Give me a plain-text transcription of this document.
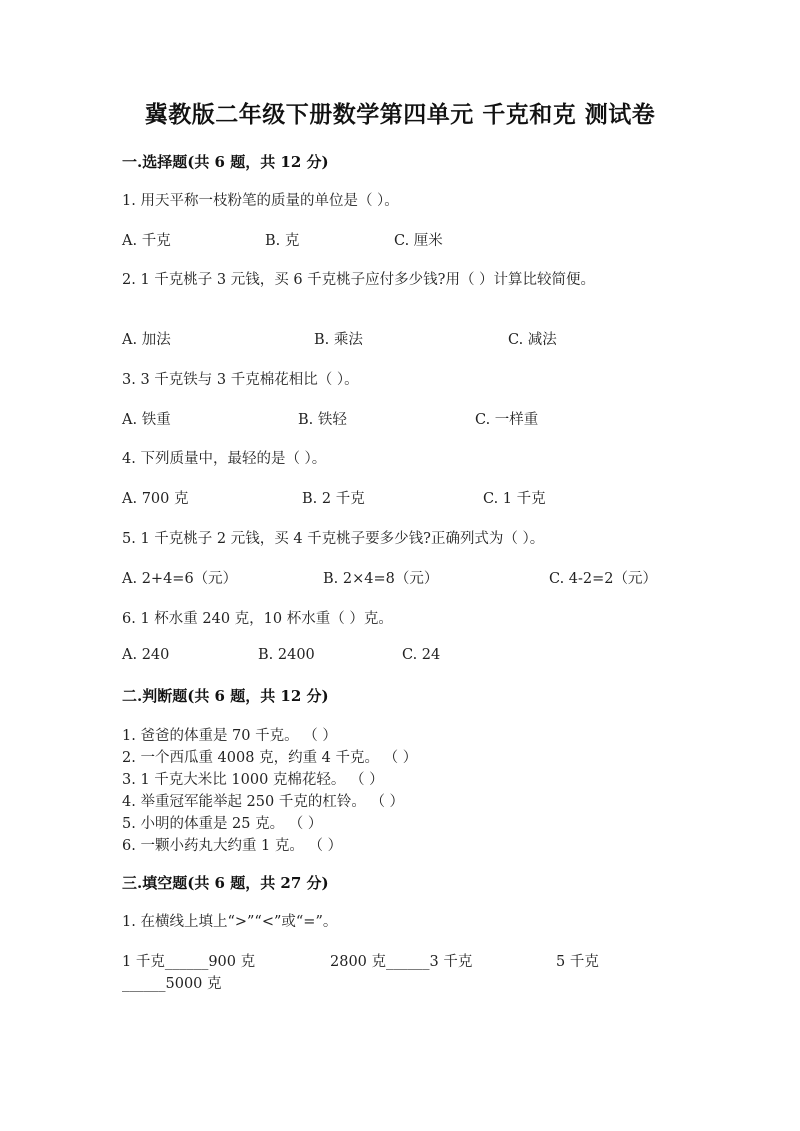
冀教版二年级下册数学第四单元 千克和克 测试卷
一.选择题(共 6 题，共 12 分)
1. 用天平称一枝粉笔的质量的单位是（ ）。
A. 千克	B. 克	C. 厘米
2. 1 千克桃子 3 元钱，买 6 千克桃子应付多少钱?用（ ）计算比较简便。
A. 加法	B. 乘法	C. 减法
3. 3 千克铁与 3 千克棉花相比（ ）。
A. 铁重	B. 铁轻	C. 一样重
4. 下列质量中，最轻的是（ ）。
A. 700 克	B. 2 千克	C. 1 千克
5. 1 千克桃子 2 元钱，买 4 千克桃子要多少钱?正确列式为（ ）。
A. 2+4=6（元）	B. 2×4=8（元）	C. 4-2=2（元）
6. 1 杯水重 240 克，10 杯水重（ ）克。
A. 240	B. 2400	C. 24
二.判断题(共 6 题，共 12 分)
1. 爸爸的体重是 70 千克。 （ ）
2. 一个西瓜重 4008 克，约重 4 千克。 （ ）
3. 1 千克大米比 1000 克棉花轻。 （ ）
4. 举重冠军能举起 250 千克的杠铃。 （ ）
5. 小明的体重是 25 克。 （ ）
6. 一颗小药丸大约重 1 克。 （ ）
三.填空题(共 6 题，共 27 分)
1. 在横线上填上“>”“<”或“=”。
1 千克______900 克	2800 克______3 千克	5 千克
______5000 克
